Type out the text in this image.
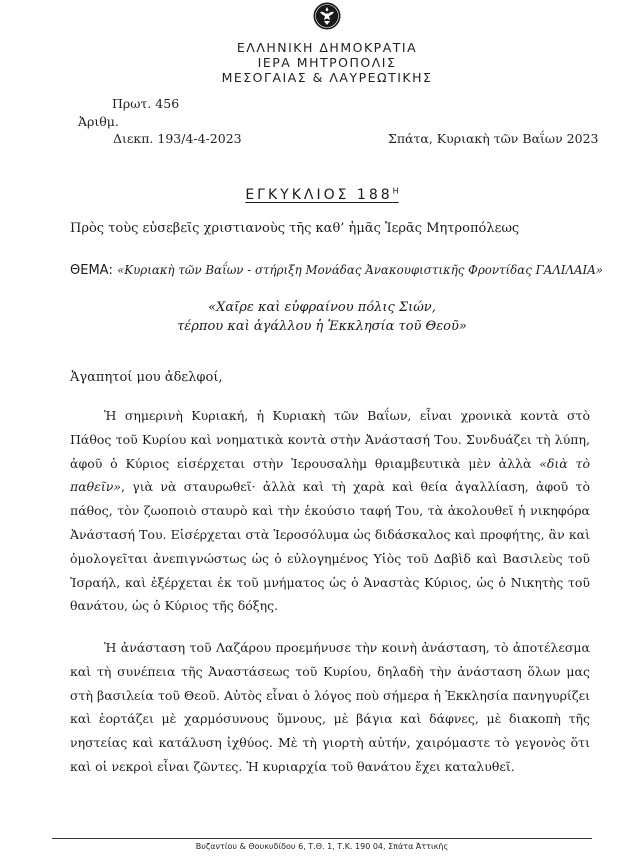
ΕΛΛΗΝΙΚΗ ΔΗΜΟΚΡΑΤΙΑ
ΙΕΡΑ ΜΗΤΡΟΠΟΛΙΣ
ΜΕΣΟΓΑΙΑΣ & ΛΑΥΡΕΩΤΙΚΗΣ
Πρωτ. 456
Ἀριθμ.
Διεκπ. 193/4-4-2023	Σπάτα, Κυριακὴ τῶν Βαΐων 2023
ΕΓΚΥΚΛΙΟΣ $188^H$
Πρὸς τοὺς εὐσεβεῖς χριστιανοὺς τῆς καθ’ ἡμᾶς Ἱερᾶς Μητροπόλεως
ΘΕΜΑ: «Κυριακὴ τῶν Βαΐων - στήριξη Μονάδας Ἀνακουφιστικῆς Φροντίδας ΓΑΛΙΛΑΙΑ»
«Χαῖρε καὶ εὐφραίνου πόλις Σιών,
τέρπου καὶ ἀγάλλου ἡ Ἐκκλησία τοῦ Θεοῦ»
Ἀγαπητοί μου ἀδελφοί,

Ἡ σημερινὴ Κυριακή, ἡ Κυριακὴ τῶν Βαΐων, εἶναι χρονικὰ κοντὰ στὸ Πάθος τοῦ Κυρίου καὶ νοηματικὰ κοντὰ στὴν Ἀνάστασή Του. Συνδυάζει τὴ λύπη, ἀφοῦ ὁ Κύριος εἰσέρχεται στὴν Ἱερουσαλὴμ θριαμβευτικὰ μὲν ἀλλὰ «διὰ τὸ παθεῖν», γιὰ νὰ σταυρωθεῖ· ἀλλὰ καὶ τὴ χαρὰ καὶ θεία ἀγαλλίαση, ἀφοῦ τὸ πάθος, τὸν ζωοποιὸ σταυρὸ καὶ τὴν ἑκούσιο ταφή Του, τὰ ἀκολουθεῖ ἡ νικηφόρα Ἀνάστασή Του. Εἰσέρχεται στὰ Ἱεροσόλυμα ὡς διδάσκαλος καὶ προφήτης, ἂν καὶ ὁμολογεῖται ἀνεπιγνώστως ὡς ὁ εὐλογημένος Υἱὸς τοῦ Δαβὶδ καὶ Βασιλεὺς τοῦ Ἰσραήλ, καὶ ἐξέρχεται ἐκ τοῦ μνήματος ὡς ὁ Ἀναστὰς Κύριος, ὡς ὁ Νικητὴς τοῦ θανάτου, ὡς ὁ Κύριος τῆς δόξης.

Ἡ ἀνάσταση τοῦ Λαζάρου προεμήνυσε τὴν κοινὴ ἀνάσταση, τὸ ἀποτέλεσμα καὶ τὴ συνέπεια τῆς Ἀναστάσεως τοῦ Κυρίου, δηλαδὴ τὴν ἀνάσταση ὅλων μας στὴ βασιλεία τοῦ Θεοῦ. Αὐτὸς εἶναι ὁ λόγος ποὺ σήμερα ἡ Ἐκκλησία πανηγυρίζει καὶ ἑορτάζει μὲ χαρμόσυνους ὕμνους, μὲ βάγια καὶ δάφνες, μὲ διακοπὴ τῆς νηστείας καὶ κατάλυση ἰχθύος. Μὲ τὴ γιορτὴ αὐτήν, χαιρόμαστε τὸ γεγονὸς ὅτι καὶ οἱ νεκροὶ εἶναι ζῶντες. Ἡ κυριαρχία τοῦ θανάτου ἔχει καταλυθεῖ.

Βυζαντίου & Θουκυδίδου 6, Τ.Θ. 1, Τ.Κ. 190 04, Σπάτα Ἀττικῆς
